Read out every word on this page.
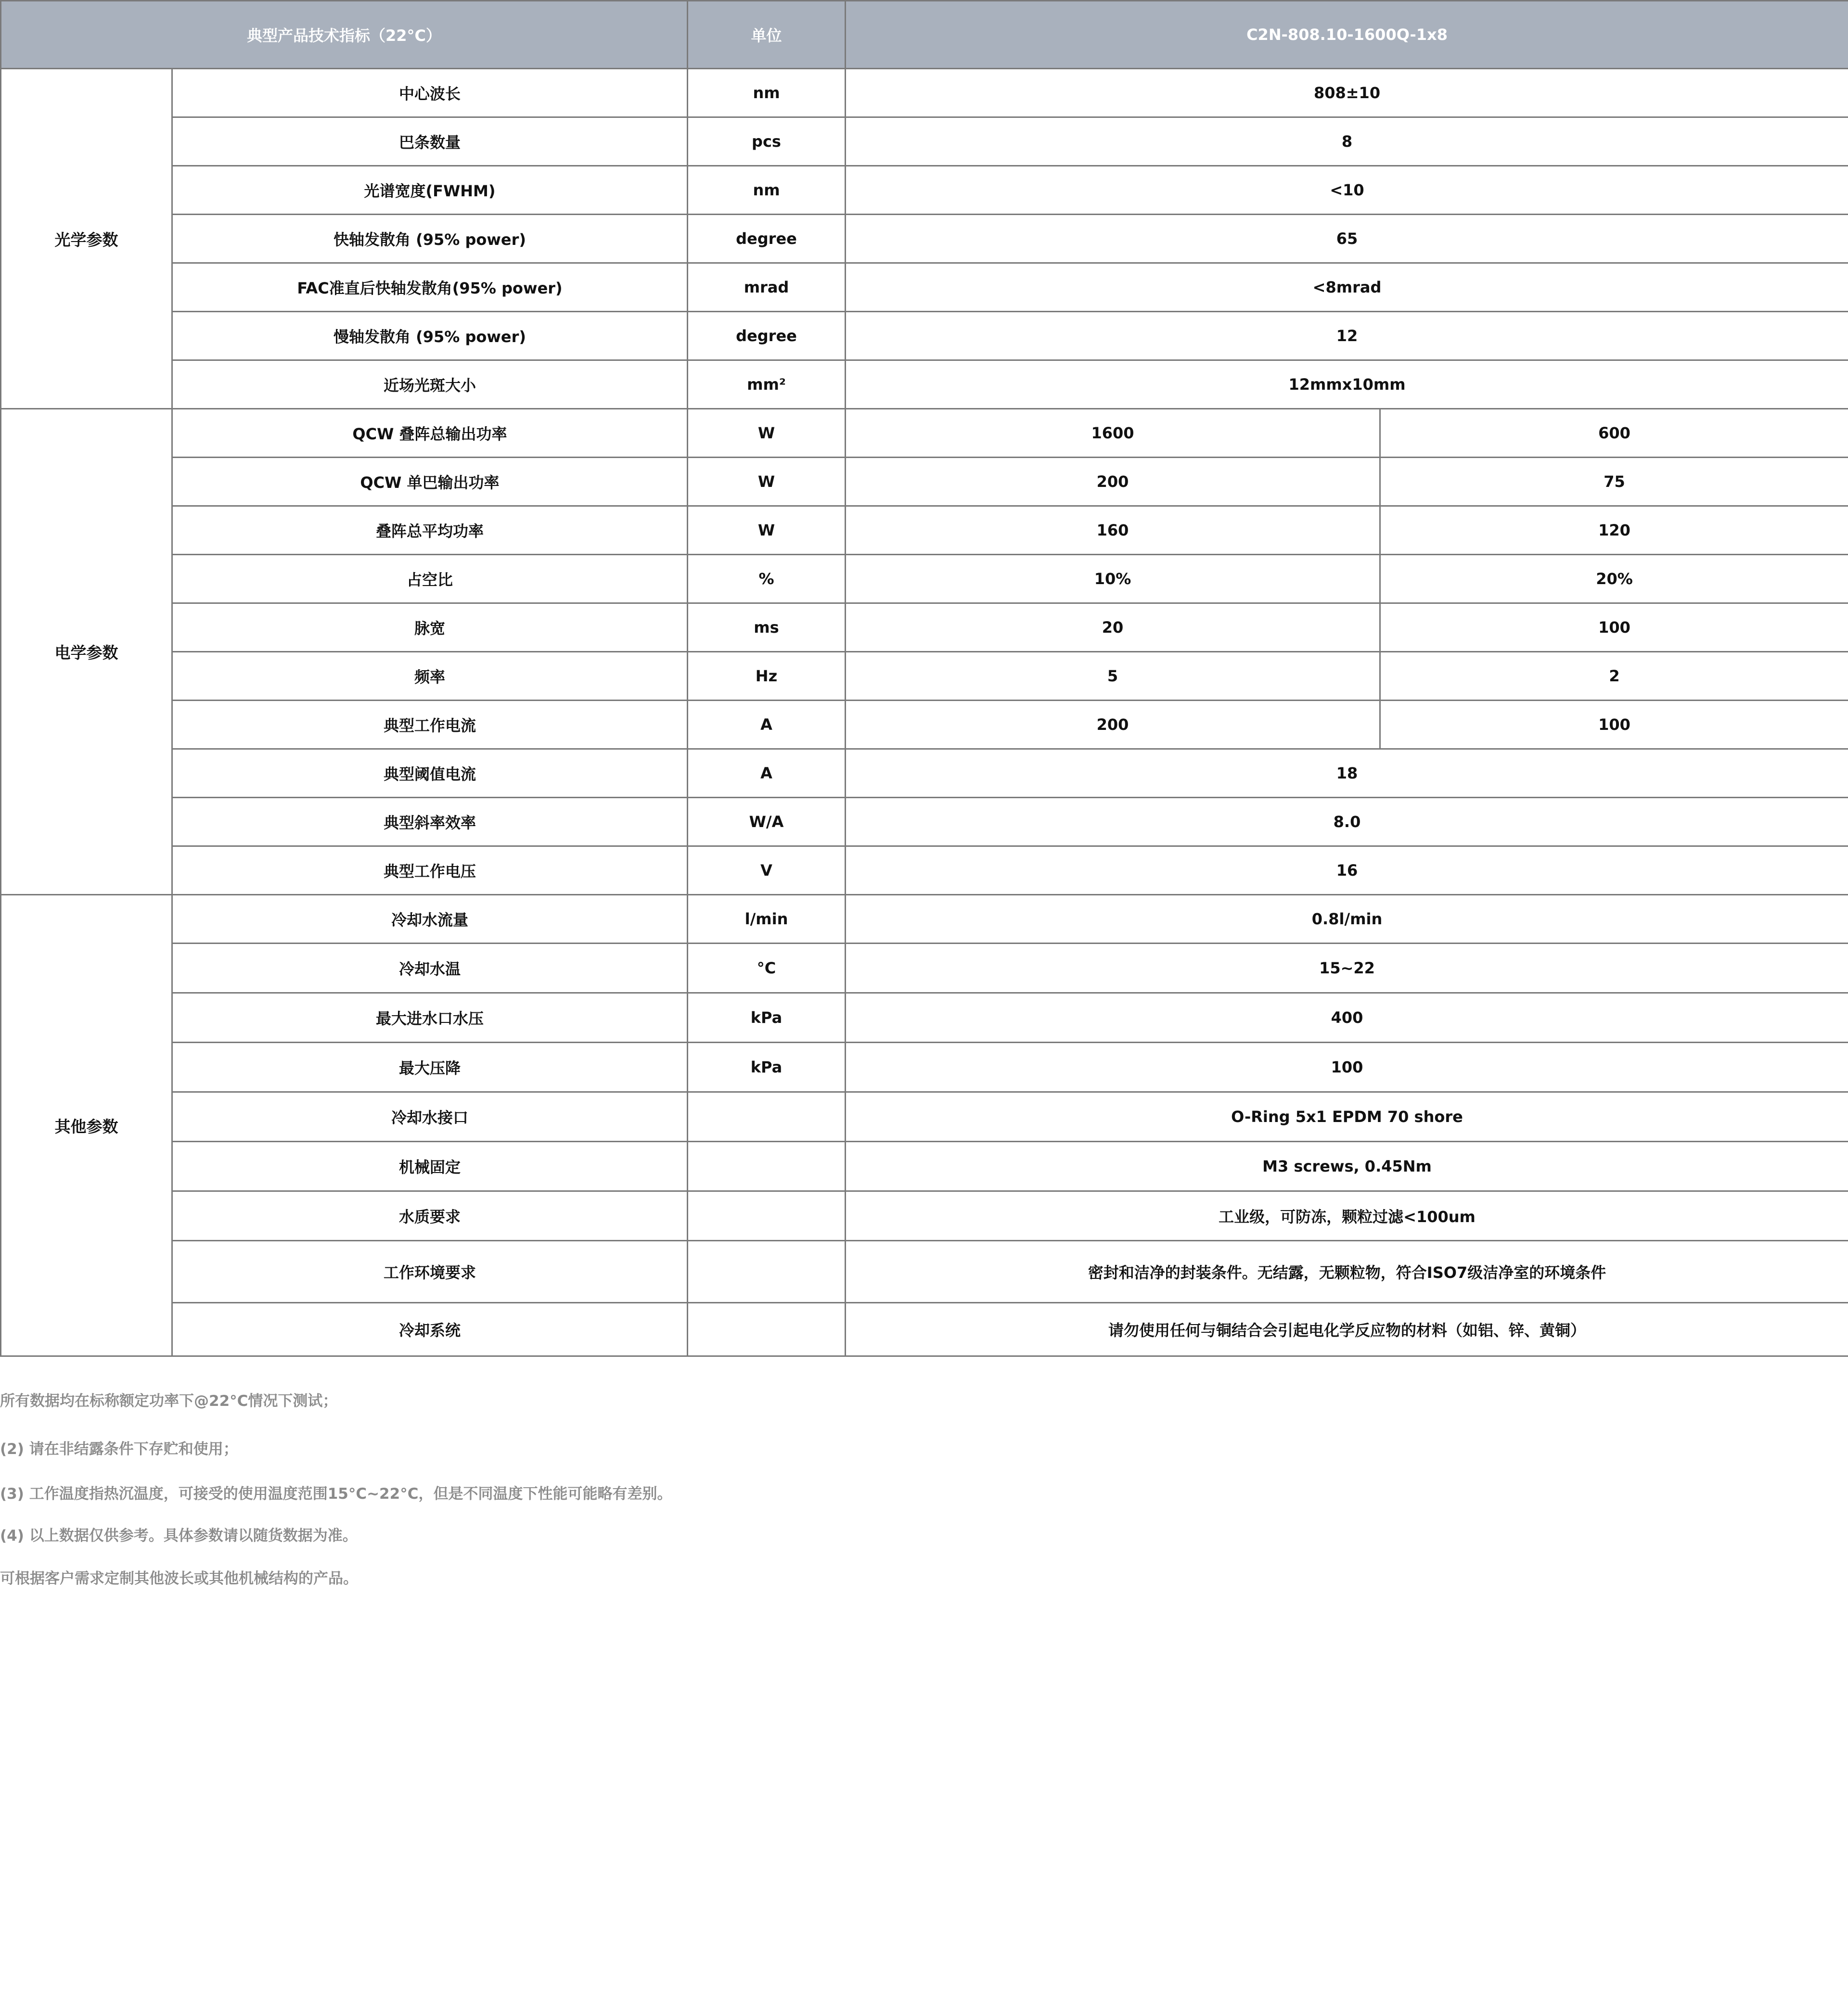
典型产品技术指标（22°C）		单位	C2N-808.10-1600Q-1x8	
光学参数	中心波长	nm	808±10	
	巴条数量	pcs	8	
	光谱宽度(FWHM)	nm	<10	
	快轴发散角 (95% power)	degree	65	
	FAC准直后快轴发散角(95% power)	mrad	<8mrad	
	慢轴发散角 (95% power)	degree	12	
	近场光斑大小	mm²	12mmx10mm	
电学参数	QCW 叠阵总输出功率	W	1600	600
	QCW 单巴输出功率	W	200	75
	叠阵总平均功率	W	160	120
	占空比	%	10%	20%
	脉宽	ms	20	100
	频率	Hz	5	2
	典型工作电流	A	200	100
	典型阈值电流	A	18	
	典型斜率效率	W/A	8.0	
	典型工作电压	V	16	
其他参数	冷却水流量	l/min	0.8l/min	
	冷却水温	°C	15~22	
	最大进水口水压	kPa	400	
	最大压降	kPa	100	
	冷却水接口		O-Ring 5x1 EPDM 70 shore	
	机械固定		M3 screws, 0.45Nm	
	水质要求		工业级，可防冻，颗粒过滤<100um	
	工作环境要求		密封和洁净的封装条件。无结露，无颗粒物，符合ISO7级洁净室的环境条件	
	冷却系统		请勿使用任何与铜结合会引起电化学反应物的材料（如铝、锌、黄铜）	
所有数据均在标称额定功率下@22°C情况下测试；
(2) 请在非结露条件下存贮和使用；
(3) 工作温度指热沉温度，可接受的使用温度范围15°C~22°C，但是不同温度下性能可能略有差别。
(4) 以上数据仅供参考。具体参数请以随货数据为准。
可根据客户需求定制其他波长或其他机械结构的产品。
